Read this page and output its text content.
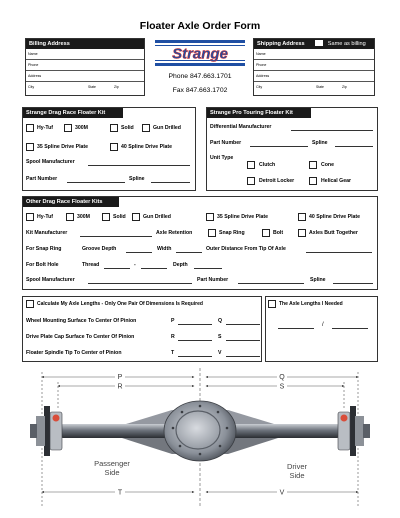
Floater Axle Order Form
Billing Address
Name
Phone
Address
City	State	Zip
Strange
Phone 847.663.1701
Fax 847.663.1702
Shipping Address	Same as billing
Name
Phone
Address
City	State	Zip
Strange Drag Race Floater Kit
Hy-Tuf	300M	Solid	Gun Drilled
35 Spline Drive Plate	40 Spline Drive Plate
Spool Manufacturer
Part Number	Spline
Strange Pro Touring Floater Kit
Differential Manufacturer
Part Number	Spline
Unit Type
Clutch	Cone
Detroit Locker	Helical Gear
Other Drag Race Floater Kits
Hy-Tuf	300M	Solid	Gun Drilled	35 Spline Drive Plate	40 Spline Drive Plate
Kit Manufacturer	Axle Retention	Snap Ring	Bolt	Axles Butt Together
For Snap Ring	Groove Depth	Width	Outer Distance From Tip Of Axle
For Bolt Hole	Thread	-	Depth
Spool Manufacturer	Part Number	Spline
Calculate My Axle Lengths - Only One Pair Of Dimensions Is Required	The Axle Lengths I Needed
Wheel Mounting Surface To Center Of Pinion	P	Q
Drive Plate Cap Surface To Center Of Pinion	R	S
Floater Spindle Tip To Center of Pinion	T	V
/
P	Q
R	S
Passenger
Side
Driver
Side
T	V
